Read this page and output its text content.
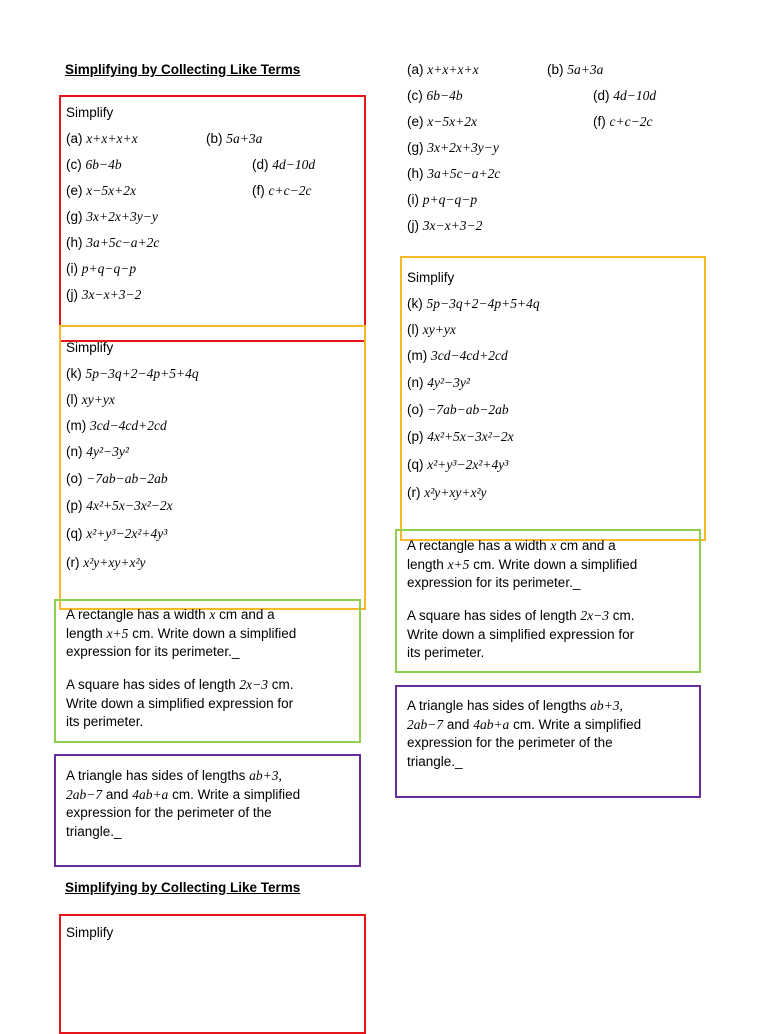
Simplifying by Collecting Like Terms
Simplify
(a) x+x+x+x	(b) 5a+3a
(c) 6b−4b	(d) 4d−10d
(e) x−5x+2x	(f) c+c−2c
(g) 3x+2x+3y−y
(h) 3a+5c−a+2c
(i) p+q−q−p
(j) 3x−x+3−2
Simplify
(k) 5p−3q+2−4p+5+4q
(l) xy+yx
(m) 3cd−4cd+2cd
(n) 4y²−3y²
(o) −7ab−ab−2ab
(p) 4x²+5x−3x²−2x
(q) x²+y³−2x²+4y³
(r) x²y+xy+x²y
A rectangle has a width x cm and a
length x+5 cm. Write down a simplified
expression for its perimeter._
A square has sides of length 2x−3 cm.
Write down a simplified expression for
its perimeter.
A triangle has sides of lengths ab+3,
2ab−7 and 4ab+a cm. Write a simplified
expression for the perimeter of the
triangle._
Simplifying by Collecting Like Terms
Simplify
(a) x+x+x+x	(b) 5a+3a
(c) 6b−4b	(d) 4d−10d
(e) x−5x+2x	(f) c+c−2c
(g) 3x+2x+3y−y
(h) 3a+5c−a+2c
(i) p+q−q−p
(j) 3x−x+3−2
Simplify
(k) 5p−3q+2−4p+5+4q
(l) xy+yx
(m) 3cd−4cd+2cd
(n) 4y²−3y²
(o) −7ab−ab−2ab
(p) 4x²+5x−3x²−2x
(q) x²+y³−2x²+4y³
(r) x²y+xy+x²y
A rectangle has a width x cm and a
length x+5 cm. Write down a simplified
expression for its perimeter._
A square has sides of length 2x−3 cm.
Write down a simplified expression for
its perimeter.
A triangle has sides of lengths ab+3,
2ab−7 and 4ab+a cm. Write a simplified
expression for the perimeter of the
triangle._
